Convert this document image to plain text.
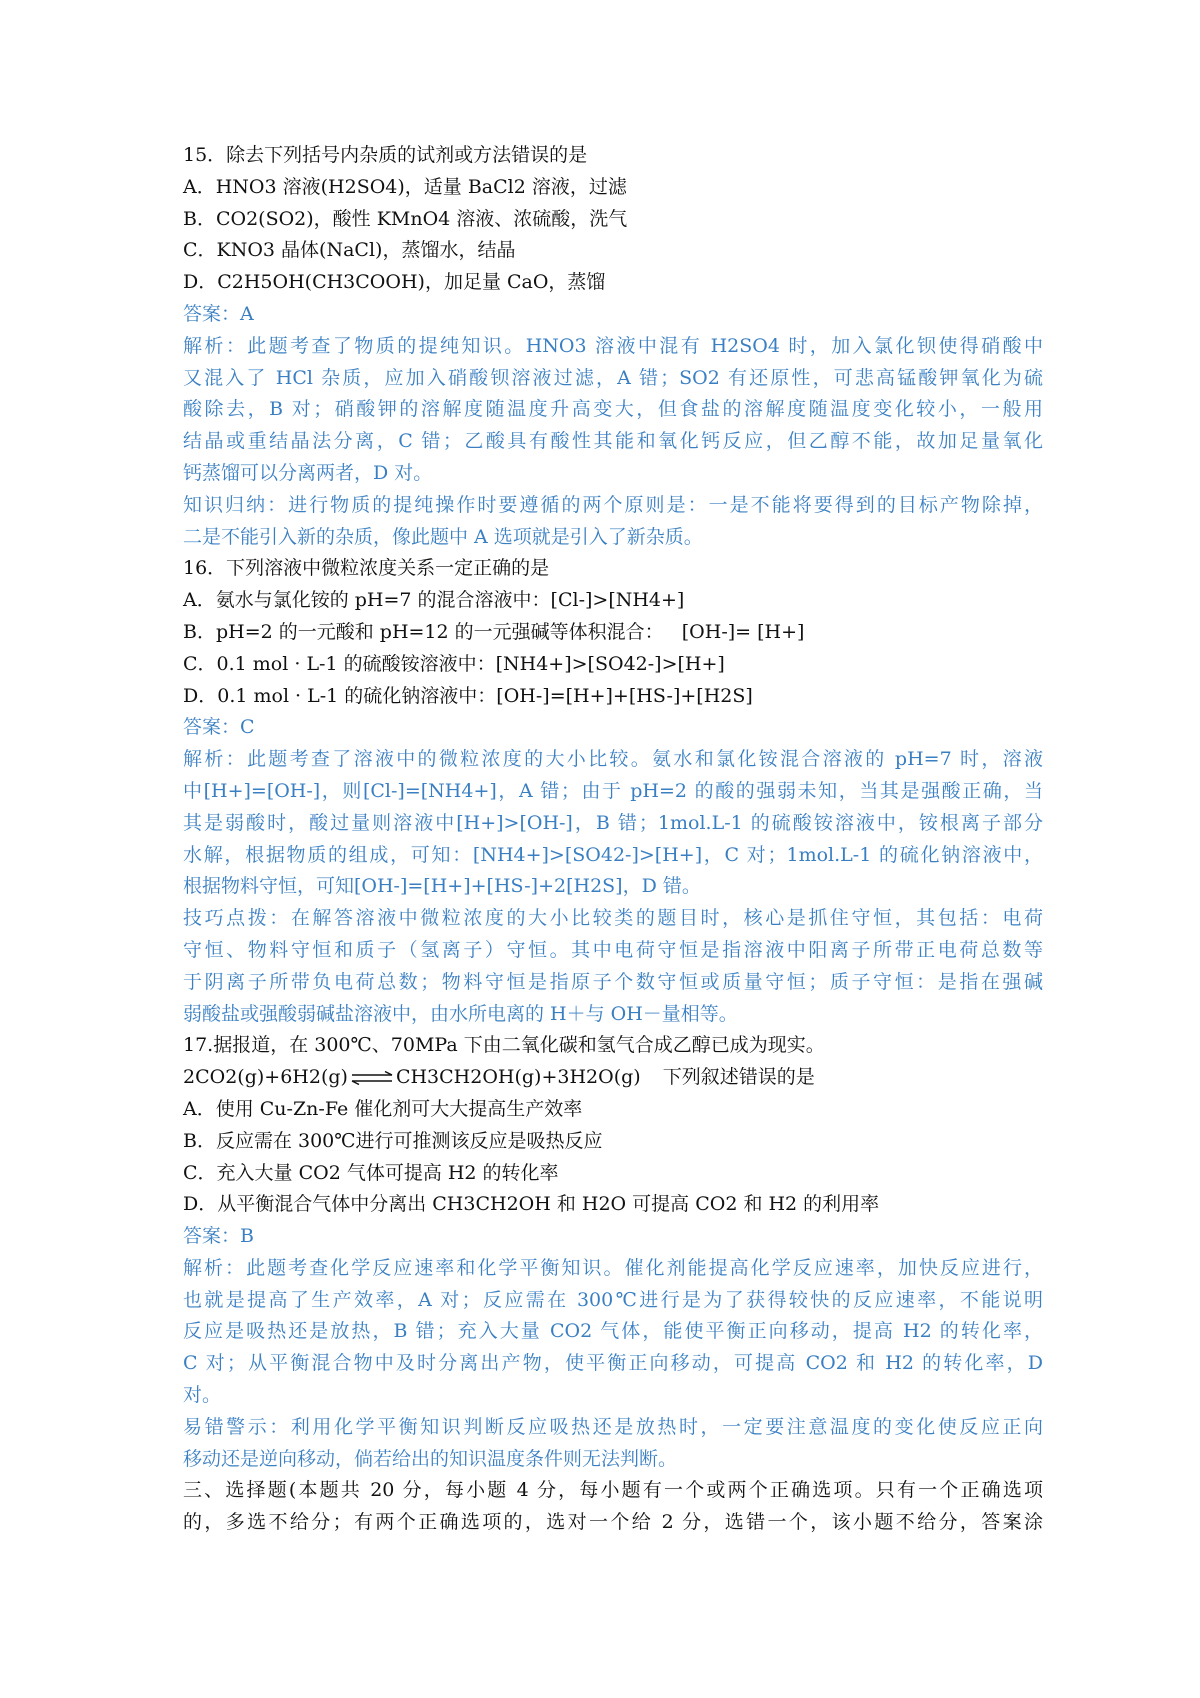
15．除去下列括号内杂质的试剂或方法错误的是
A．HNO3 溶液(H2SO4)，适量 BaCl2 溶液，过滤
B．CO2(SO2)，酸性 KMnO4 溶液、浓硫酸，洗气
C．KNO3 晶体(NaCl)，蒸馏水，结晶
D．C2H5OH(CH3COOH)，加足量 CaO，蒸馏
答案：A
解析：此题考查了物质的提纯知识。HNO3 溶液中混有 H2SO4 时，加入氯化钡使得硝酸中
又混入了 HCl 杂质，应加入硝酸钡溶液过滤，A 错；SO2 有还原性，可悲高锰酸钾氧化为硫
酸除去，B 对；硝酸钾的溶解度随温度升高变大，但食盐的溶解度随温度变化较小，一般用
结晶或重结晶法分离，C 错；乙酸具有酸性其能和氧化钙反应，但乙醇不能，故加足量氧化
钙蒸馏可以分离两者，D 对。
知识归纳：进行物质的提纯操作时要遵循的两个原则是：一是不能将要得到的目标产物除掉，
二是不能引入新的杂质，像此题中 A 选项就是引入了新杂质。
16．下列溶液中微粒浓度关系一定正确的是
A．氨水与氯化铵的 pH=7 的混合溶液中：[Cl-]>[NH4+]
B．pH=2 的一元酸和 pH=12 的一元强碱等体积混合：   [OH-]= [H+]
C．0.1 mol · L-1 的硫酸铵溶液中：[NH4+]>[SO42-]>[H+]
D．0.1 mol · L-1 的硫化钠溶液中：[OH-]=[H+]+[HS-]+[H2S]
答案：C
解析：此题考查了溶液中的微粒浓度的大小比较。氨水和氯化铵混合溶液的 pH=7 时，溶液
中[H+]=[OH-]，则[Cl-]=[NH4+]，A 错；由于 pH=2 的酸的强弱未知，当其是强酸正确，当
其是弱酸时，酸过量则溶液中[H+]>[OH-]，B 错；1mol.L-1 的硫酸铵溶液中，铵根离子部分
水解，根据物质的组成，可知：[NH4+]>[SO42-]>[H+]，C 对；1mol.L-1 的硫化钠溶液中，
根据物料守恒，可知[OH-]=[H+]+[HS-]+2[H2S]，D 错。
技巧点拨：在解答溶液中微粒浓度的大小比较类的题目时，核心是抓住守恒，其包括：电荷
守恒、物料守恒和质子（氢离子）守恒。其中电荷守恒是指溶液中阳离子所带正电荷总数等
于阴离子所带负电荷总数；物料守恒是指原子个数守恒或质量守恒；质子守恒：是指在强碱
弱酸盐或强酸弱碱盐溶液中，由水所电离的 H＋与 OH－量相等。
17.据报道，在 300℃、70MPa 下由二氧化碳和氢气合成乙醇已成为现实。
2CO2(g)+6H2(g) ⇌ CH3CH2OH(g)+3H2O(g) 下列叙述错误的是
A．使用 Cu-Zn-Fe 催化剂可大大提高生产效率
B．反应需在 300℃进行可推测该反应是吸热反应
C．充入大量 CO2 气体可提高 H2 的转化率
D．从平衡混合气体中分离出 CH3CH2OH 和 H2O 可提高 CO2 和 H2 的利用率
答案：B
解析：此题考查化学反应速率和化学平衡知识。催化剂能提高化学反应速率，加快反应进行，
也就是提高了生产效率，A 对；反应需在 300℃进行是为了获得较快的反应速率，不能说明
反应是吸热还是放热，B 错；充入大量 CO2 气体，能使平衡正向移动，提高 H2 的转化率，
C 对；从平衡混合物中及时分离出产物，使平衡正向移动，可提高 CO2 和 H2 的转化率，D
对。
易错警示：利用化学平衡知识判断反应吸热还是放热时，一定要注意温度的变化使反应正向
移动还是逆向移动，倘若给出的知识温度条件则无法判断。
三、选择题(本题共 20 分，每小题 4 分，每小题有一个或两个正确选项。只有一个正确选项
的，多选不给分；有两个正确选项的，选对一个给 2 分，选错一个，该小题不给分，答案涂
